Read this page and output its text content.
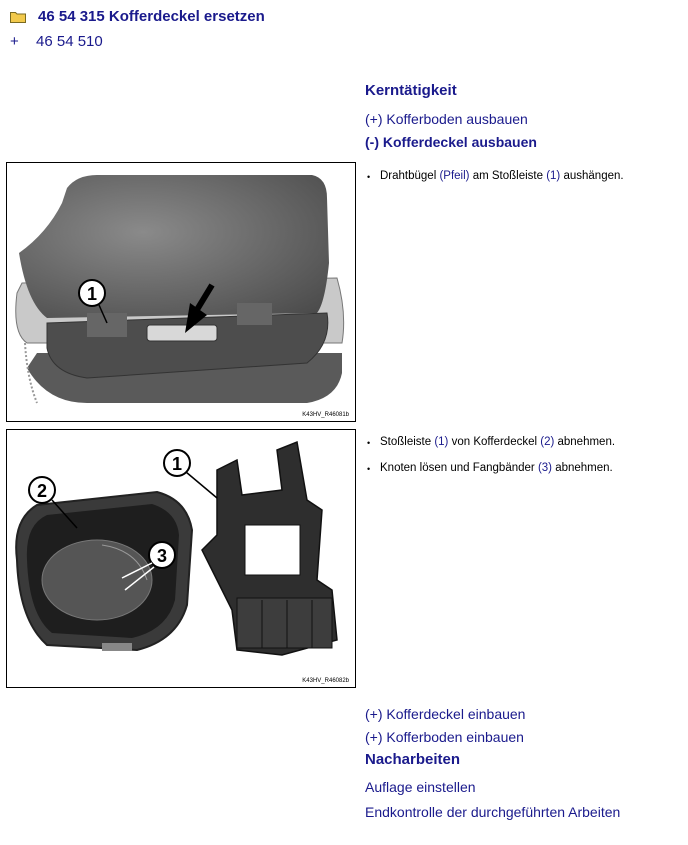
46 54 315 Kofferdeckel ersetzen
+	46 54 510
Kerntätigkeit
(+) Kofferboden ausbauen
(-) Kofferdeckel ausbauen
1
K43HV_R46081b
• Drahtbügel (Pfeil) am Stoßleiste (1) aushängen.
2
1
3
K43HV_R46082b
• Stoßleiste (1) von Kofferdeckel (2) abnehmen.
• Knoten lösen und Fangbänder (3) abnehmen.
(+) Kofferdeckel einbauen
(+) Kofferboden einbauen
Nacharbeiten
Auflage einstellen
Endkontrolle der durchgeführten Arbeiten
